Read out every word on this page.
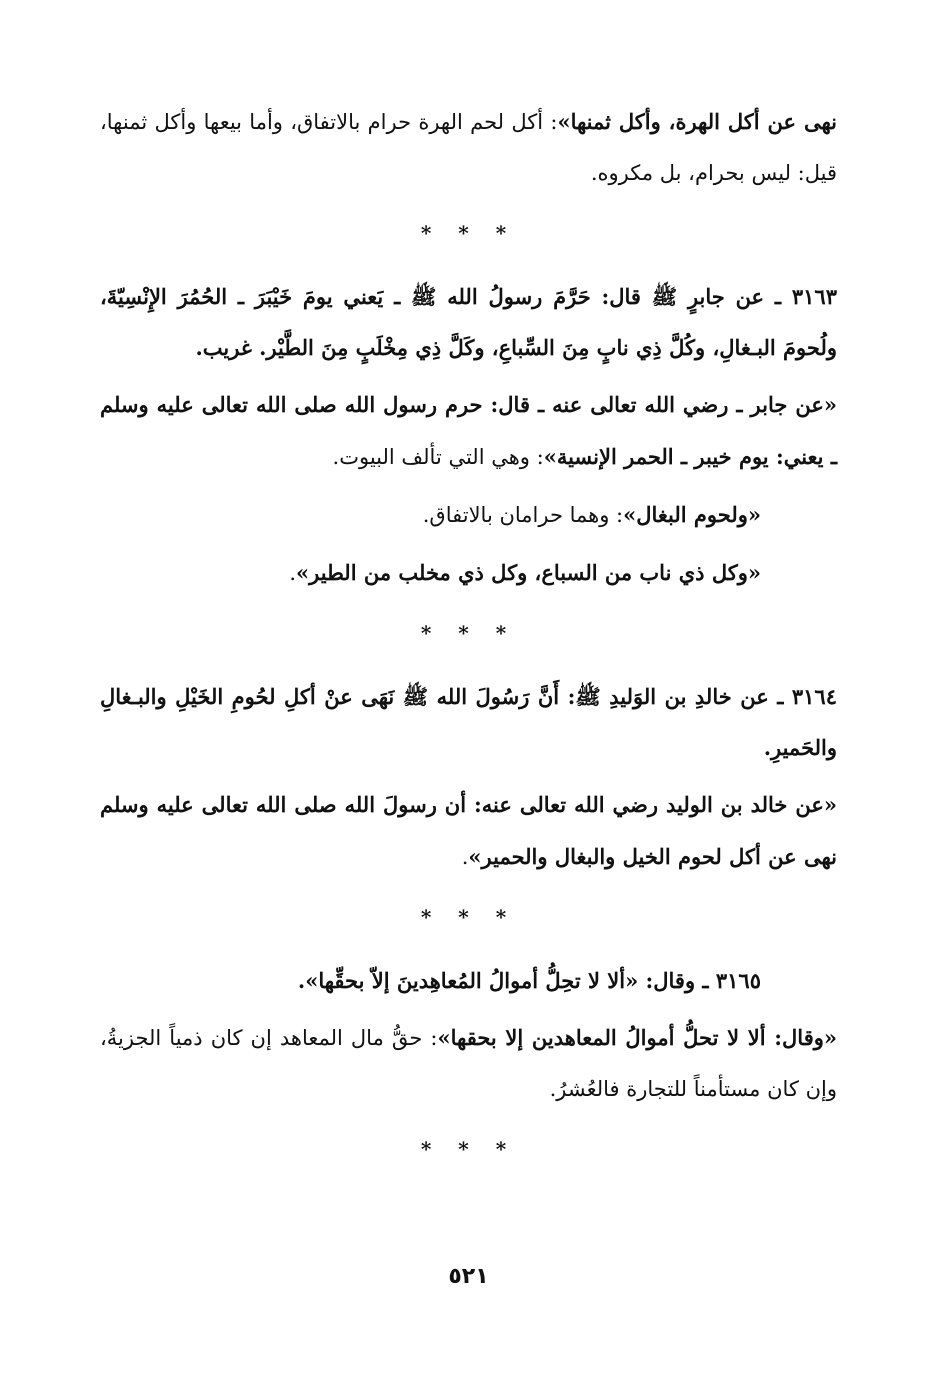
نهى عن أكل الهرة، وأكل ثمنها»: أكل لحم الهرة حرام بالاتفاق، وأما بيعها وأكل ثمنها، قيل: ليس بحرام، بل مكروه.

* * *

٣١٦٣ ـ عن جابرٍ ﷺ قال: حَرَّمَ رسولُ الله ﷺ ـ يَعني يومَ خَيْبَرَ ـ الحُمُرَ الإِنْسِيّةَ، ولُحومَ البـغالِ، وكُلَّ ذِي نابٍ مِنَ السِّباعِ، وكَلَّ ذِي مِخْلَبٍ مِنَ الطَّيْر. غريب.

«عن جابر ـ رضي الله تعالى عنه ـ قال: حرم رسول الله صلى الله تعالى عليه وسلم ـ يعني: يوم خيبر ـ الحمر الإنسية»: وهي التي تألف البيوت.

«ولحوم البغال»: وهما حرامان بالاتفاق.

«وكل ذي ناب من السباع، وكل ذي مخلب من الطير».

* * *

٣١٦٤ ـ عن خالدِ بن الوَليدِ ﷺ: أَنَّ رَسُولَ الله ﷺ نَهَى عنْ أكلِ لحُومِ الخَيْلِ والبـغالِ والحَميرِ.

«عن خالد بن الوليد رضي الله تعالى عنه: أن رسولَ الله صلى الله تعالى عليه وسلم نهى عن أكل لحوم الخيل والبغال والحمير».

* * *

٣١٦٥ ـ وقال: «ألا لا تحِلُّ أموالُ المُعاهِدينَ إلاّ بحقِّها».

«وقال: ألا لا تحلُّ أموالُ المعاهدين إلا بحقها»: حقُّ مال المعاهد إن كان ذمياً الجزيةُ، وإن كان مستأمناً للتجارة فالعُشرُ.

* * *
٥٢١
